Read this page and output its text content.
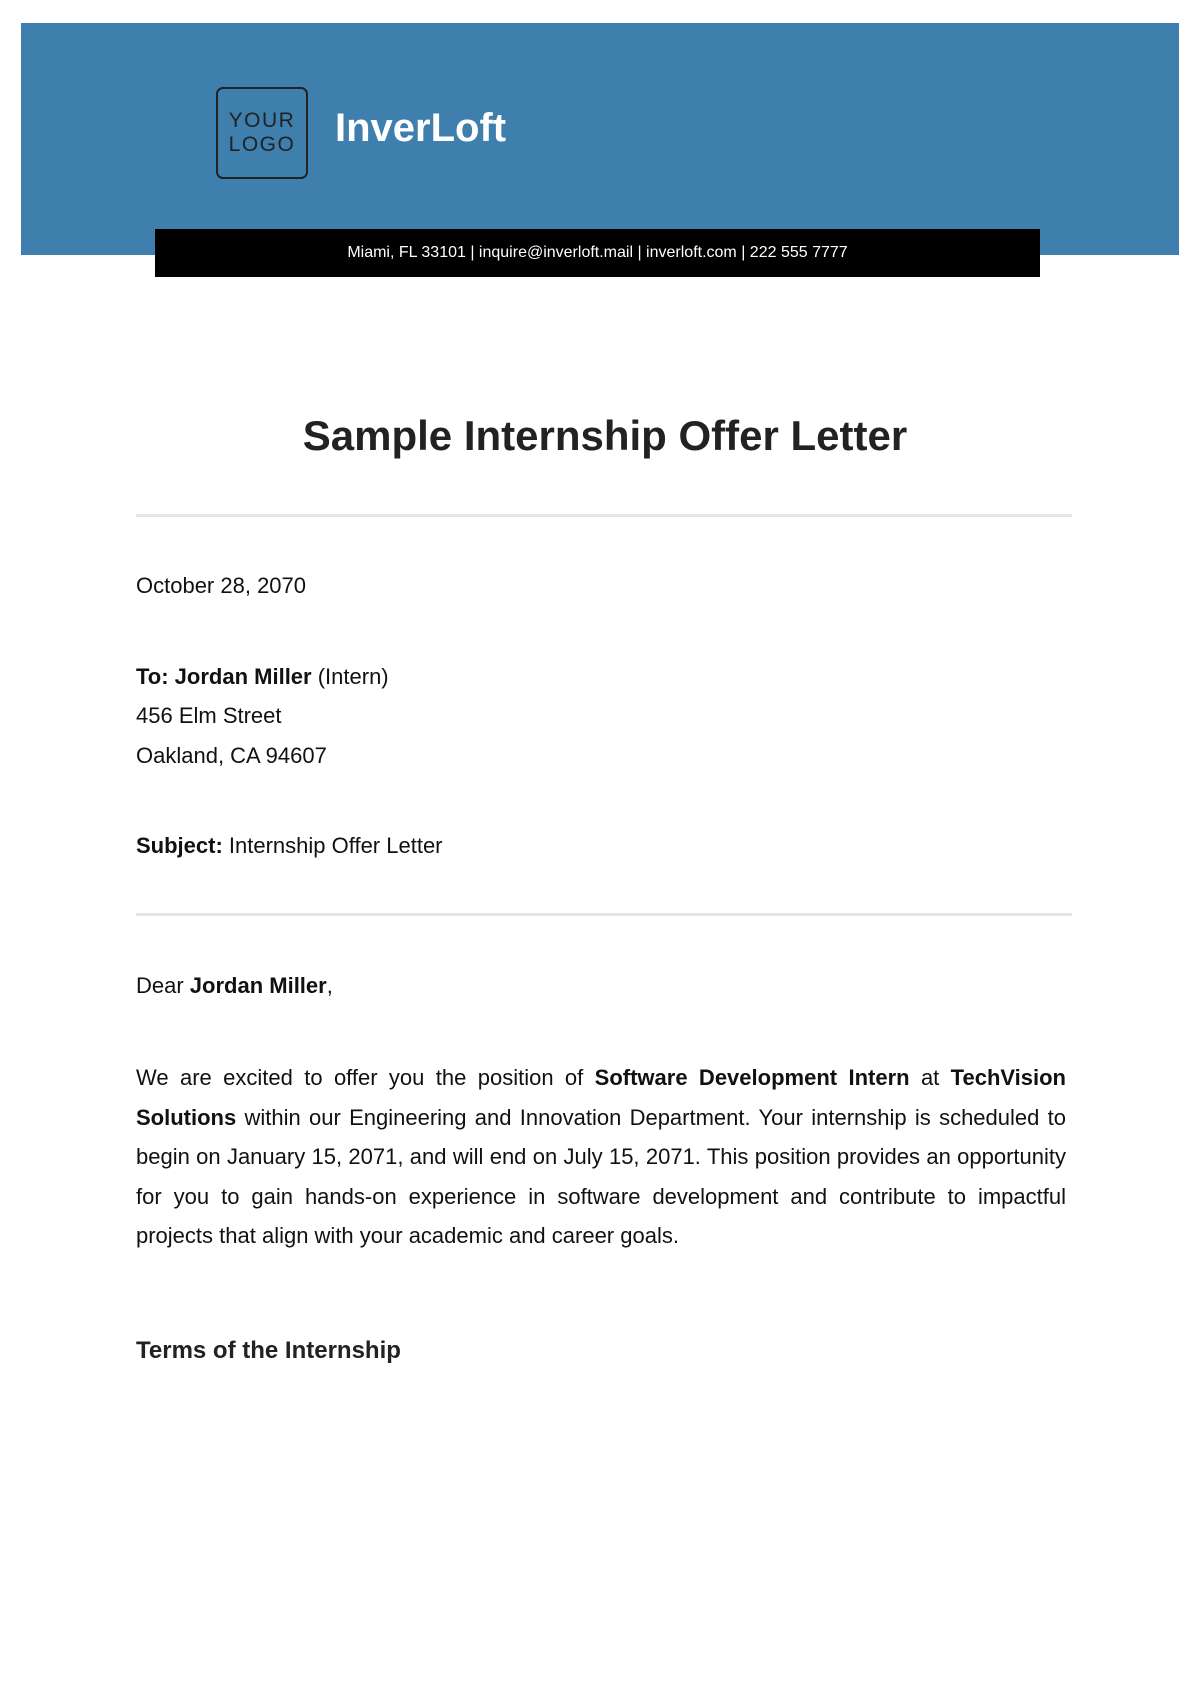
YOUR
LOGO InverLoft
Miami, FL 33101 | inquire@inverloft.mail | inverloft.com | 222 555 7777
Sample Internship Offer Letter
October 28, 2070
To: Jordan Miller (Intern)
456 Elm Street
Oakland, CA 94607
Subject: Internship Offer Letter
Dear Jordan Miller,
We are excited to offer you the position of Software Development Intern at TechVision Solutions within our Engineering and Innovation Department. Your internship is scheduled to begin on January 15, 2071, and will end on July 15, 2071. This position provides an opportunity for you to gain hands-on experience in software development and contribute to impactful projects that align with your academic and career goals.
Terms of the Internship
